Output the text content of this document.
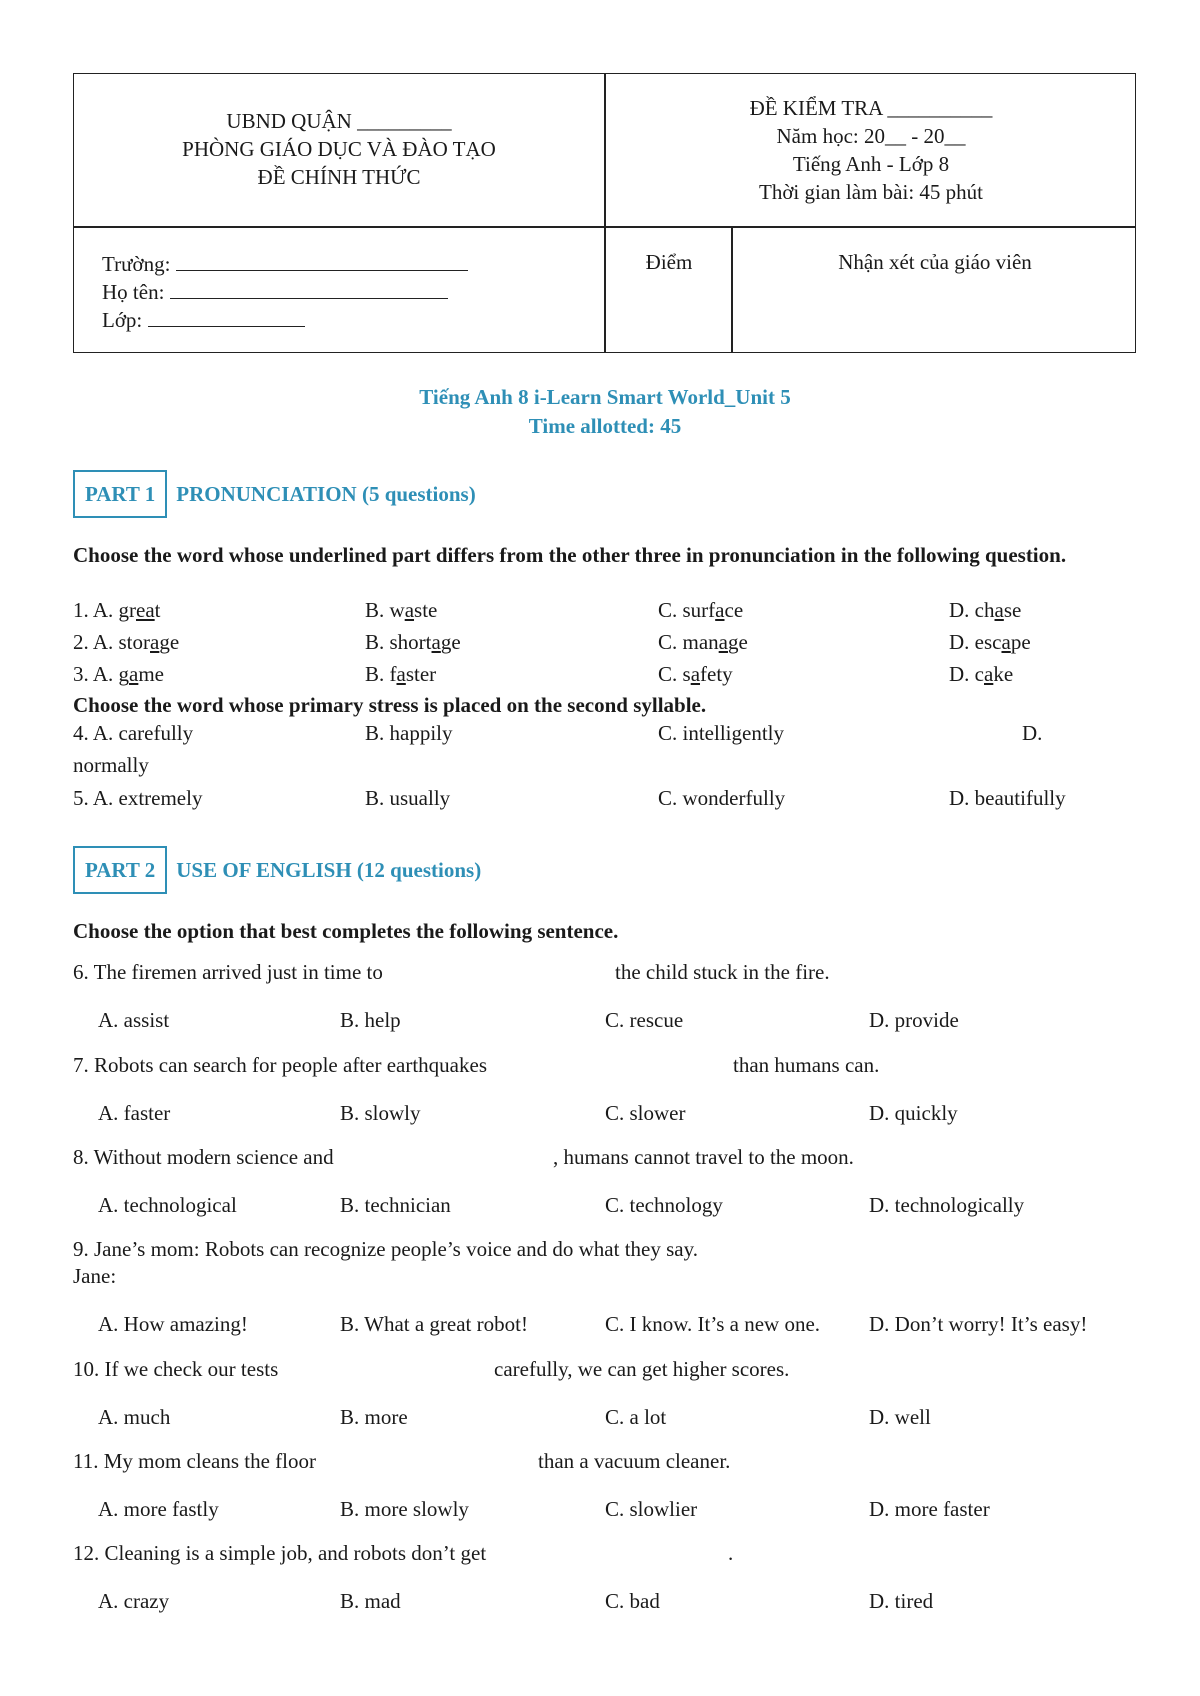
UBND QUẬN _________
PHÒNG GIÁO DỤC VÀ ĐÀO TẠO
ĐỀ CHÍNH THỨC
ĐỀ KIỂM TRA __________
Năm học: 20__ - 20__
Tiếng Anh - Lớp 8
Thời gian làm bài: 45 phút
Trường:
Họ tên:
Lớp:
Điểm	Nhận xét của giáo viên
Tiếng Anh 8 i-Learn Smart World_Unit 5
Time allotted: 45
PART 1	PRONUNCIATION (5 questions)
Choose the word whose underlined part differs from the other three in pronunciation in the following question.
1. A. great	B. waste	C. surface	D. chase
2. A. storage	B. shortage	C. manage	D. escape
3. A. game	B. faster	C. safety	D. cake
Choose the word whose primary stress is placed on the second syllable.
4. A. carefully	B. happily	C. intelligently	D.
normally
5. A. extremely	B. usually	C. wonderfully	D. beautifully
PART 2	USE OF ENGLISH (12 questions)
Choose the option that best completes the following sentence.
6. The firemen arrived just in time to	the child stuck in the fire.
A. assist	B. help	C. rescue	D. provide
7. Robots can search for people after earthquakes	than humans can.
A. faster	B. slowly	C. slower	D. quickly
8. Without modern science and	, humans cannot travel to the moon.
A. technological	B. technician	C. technology	D. technologically
9. Jane’s mom: Robots can recognize people’s voice and do what they say.
Jane:
A. How amazing!	B. What a great robot!	C. I know. It’s a new one. D. Don’t worry! It’s easy!
10. If we check our tests	carefully, we can get higher scores.
A. much	B. more	C. a lot	D. well
11. My mom cleans the floor	than a vacuum cleaner.
A. more fastly	B. more slowly	C. slowlier	D. more faster
12. Cleaning is a simple job, and robots don’t get	.
A. crazy	B. mad	C. bad	D. tired
